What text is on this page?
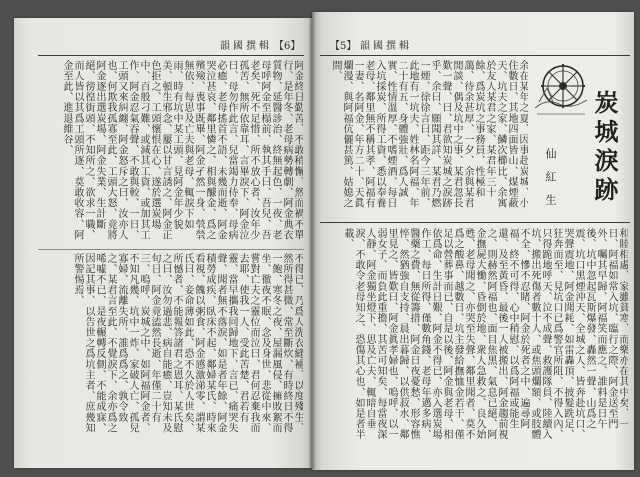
韻國撰輯 【6】
阿金終日勤苦、不敢稍懈、然而禍不單行、是年冬、老母病勢轉劇、阿金典衣質物、延醫診治、終無起色、一夜、老母呼阿金至榻前、執其手曰、吾兒、吾老矣、死不足惜、所不放心者、汝年少孤苦、無所依靠耳、言畢淚下、阿金泣曰、母勿作此言、兒當竭力侍奉、母病必癒、老母搖首不語、未幾而逝、阿金哭泣甚哀、鄰里憐之、相與醵金、爲之殯殮、喪事既畢、阿金孑然一身、煢煢無依、每思及亡夫與老母、輒淚下如雨、時有坑中某工頭、見阿金年少貌美、頓生邪念、屢以甘言誘之、阿金正色拒之、工頭懷恨在心、遂於選炭場中、百般刁難、或減其工資、或加其工作、阿金忍氣吞聲、不敢與較、一日、工頭又來糾纏、阿金怒斥之曰、汝亦人也、何欺我孤寡至此、工頭大怒、竟將阿金逐出選炭場、阿金失業、生計斷絕、徬徨街頭、不知所之、欲求一職、而人皆以其爲工頭所逐、莫敢收容、阿金至此、進退維谷、
不得已、乃爲人洗衣縫補、以度殘生、然所得甚微、常至斷炊、有時終日不得一飽、寒冬之夜、屋漏風侵、擁敗絮而坐、徹夜不眠、念及身世、悲從中來、嘗對亡夫之靈位而泣曰、君何忍棄我而去耶、使我一人、受此苦楚、君若有靈、當早攜我同歸地下、言已、痛哭失聲、聞者無不落淚、如是者年餘、阿金積勞成疾、臥床不起、鄰婦某氏、時來看視、餽以粥食、阿金感激涕零、謂某氏曰、妾命薄如此、恐不久於人世矣、所憾者、不能報答諸君之恩耳、某氏慰之曰、汝勿過悲、病自能癒、豈知未及旬日、阿金竟溘然長逝、年僅二十有三、嗚呼、炭城之中、如阿福阿金者、不知凡幾、坑中一炸、家破人亡、孤兒寡婦、流離失所、誰爲爲之、孰令致之、某君言至此、不覺淚下、余亦爲之唏噓不已、是夜輾轉反側、不能成寐、因記其事、以告世之爲坑主者、庶幾知所警惕焉、
【5】 韻國撰輯
炭城淚跡
仙紅生
余在某年之夏、因事赴炭城、小住數日、其地四面皆山、煤煙蔽天、坑夫之家、鱗次櫛比、余寓於友人某君之家、某君年三十餘、爲炭坑之事務員、性極和藹、待余甚厚、一夕、余與某君閒談、偶及坑中之事、某君忽長歎一聲、曰、君欲知炭城之淚跡乎、余曰、願聞其詳、某君乃燃一煙、徐徐言曰、距今三年前、此地有一坑夫、姓林名阿福、年二十有五、身體強壯、爲人誠實、性情溫厚、不嗜煙酒、每日入坑採炭、所得工資、悉以奉養老母、鄰里無不稱其孝、阿福有一妻、名阿金、年方二十、天眞爛漫、與阿福伉儷甚篤、姑媳之間、
和睦相處、家雖貧寒、而樂亦在其中矣、一日、阿福如常入坑、臨行之際、阿金送至門外、囑其早歸、阿福笑而應之、誰料是日午後、坑中忽起瓦斯爆發、轟然一聲、山爲之震、坑口黑煙沖天、全城之人、皆奔赴坑口、哭聲震地、阿金聞耗、如雷轟頂、披髮跣足、狂奔而至、見坑口已爲警官所阻、不得入內、只得跪地呼天、泣不成聲、救護隊員、陸續入坑、搬出死傷者數十人、或焦頭爛額、或肢體不全、慘不忍睹、阿金於死者之中、遍尋阿福、終不可得、心中稍慰、以爲阿福或能生還、及至黃昏、最後一人被搬出、阿金趨前視之、則赫然阿福也、面目焦黑、氣息已絕、阿金撫屍大慟、昏倒於地、衆人急救之、良久始甦、老母聞之、亦哭至失聲、鄰里聞者、莫不爲之酸鼻、越數日、坑主發給撫恤金若干、僅足以營葬事而已、自是以後、阿金與老母、相依爲命、生計日艱、阿金不得已、亦入選炭場作工、每日所得、僅數角錢、老母年邁多病、醫藥之費、無從籌措、阿金日夜憂愁、形容憔悴、然猶強自支持、晨出暮歸、以供菽水、鄰里見之、皆歎曰、阿金眞孝婦也、嗚呼、以一弱女子、而負此重擔、其苦可知矣、每當夜深人靜、阿金獨坐燈下、思及亡夫、輒暗自垂淚、不敢令老母知之、恐傷其心也、如是者半載、
